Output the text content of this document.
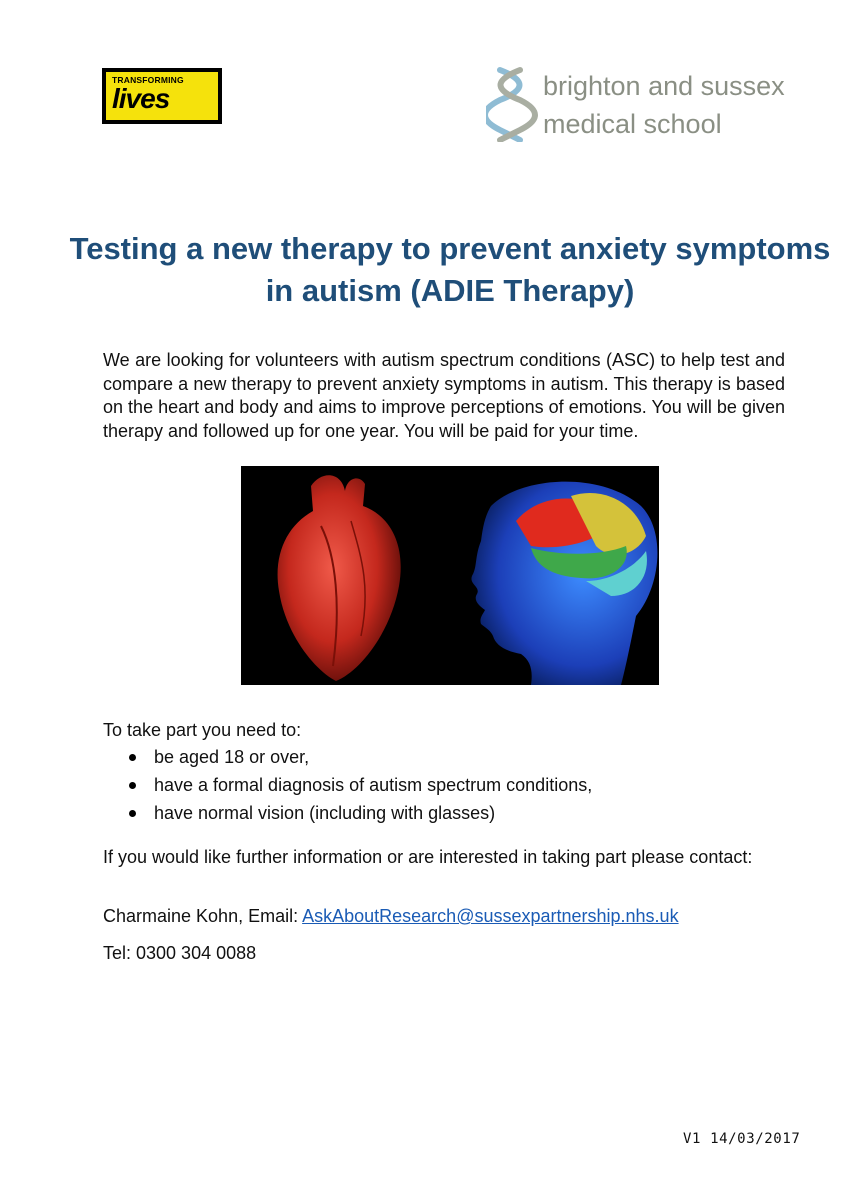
TRANSFORMING
lives	brighton and sussex
medical school
Testing a new therapy to prevent anxiety symptoms in autism (ADIE Therapy)

We are looking for volunteers with autism spectrum conditions (ASC) to help test and compare a new therapy to prevent anxiety symptoms in autism. This therapy is based on the heart and body and aims to improve perceptions of emotions. You will be given therapy and followed up for one year. You will be paid for your time.

To take part you need to:

be aged 18 or over,
have a formal diagnosis of autism spectrum conditions,
have normal vision (including with glasses)

If you would like further information or are interested in taking part please contact:

Charmaine Kohn, Email: AskAboutResearch@sussexpartnership.nhs.uk

Tel: 0300 304 0088

V1 14/03/2017
